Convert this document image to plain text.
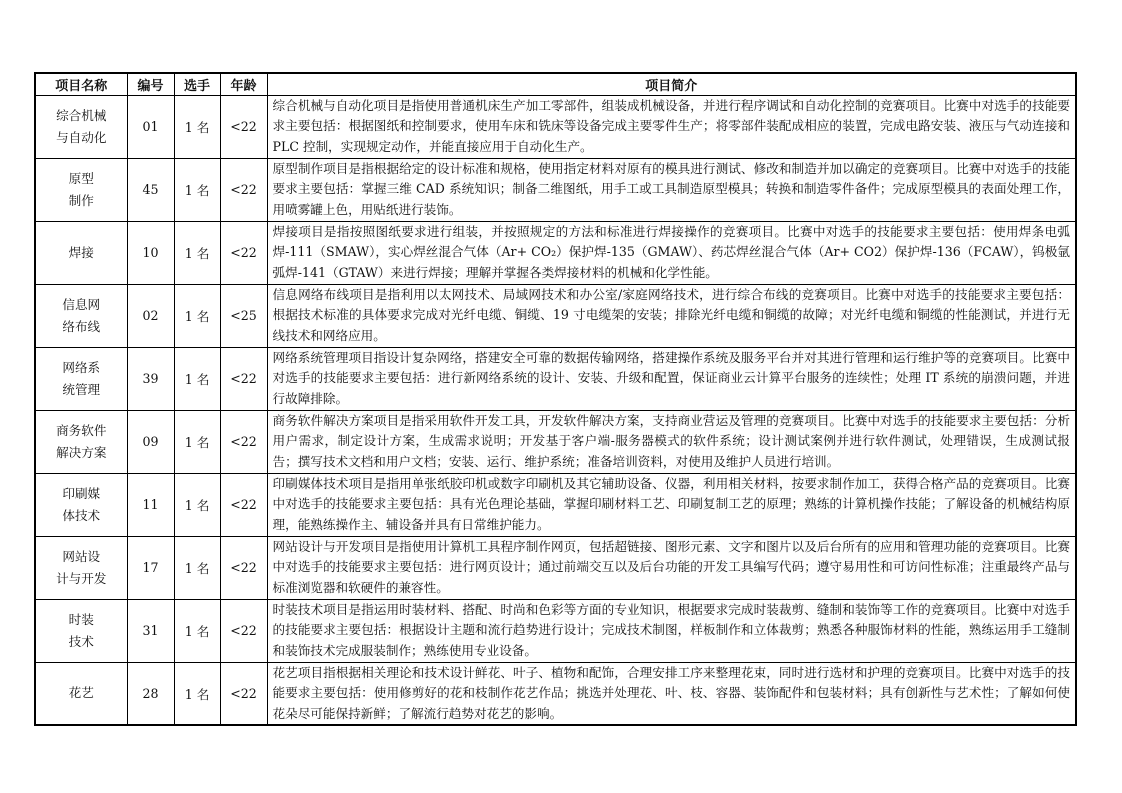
项目名称	编号	选手	年龄	项目简介
综合机械
与自动化	01	1 名	<22	综合机械与自动化项目是指使用普通机床生产加工零部件，组装成机械设备，并进行程序调试和自动化控制的竞赛项目。比赛中对选手的技能要求主要包括：根据图纸和控制要求，使用车床和铣床等设备完成主要零件生产；将零部件装配成相应的装置，完成电路安装、液压与气动连接和 PLC 控制，实现规定动作，并能直接应用于自动化生产。
原型
制作	45	1 名	<22	原型制作项目是指根据给定的设计标准和规格，使用指定材料对原有的模具进行测试、修改和制造并加以确定的竞赛项目。比赛中对选手的技能要求主要包括：掌握三维 CAD 系统知识；制备二维图纸，用手工或工具制造原型模具；转换和制造零件备件；完成原型模具的表面处理工作，用喷雾罐上色，用贴纸进行装饰。
焊接	10	1 名	<22	焊接项目是指按照图纸要求进行组装，并按照规定的方法和标准进行焊接操作的竞赛项目。比赛中对选手的技能要求主要包括：使用焊条电弧焊-111（SMAW），实心焊丝混合气体（Ar+ CO₂）保护焊-135（GMAW）、药芯焊丝混合气体（Ar+ CO2）保护焊-136（FCAW），钨极氩弧焊-141（GTAW）来进行焊接；理解并掌握各类焊接材料的机械和化学性能。
信息网
络布线	02	1 名	<25	信息网络布线项目是指利用以太网技术、局域网技术和办公室/家庭网络技术，进行综合布线的竞赛项目。比赛中对选手的技能要求主要包括：根据技术标准的具体要求完成对光纤电缆、铜缆、19 寸电缆架的安装；排除光纤电缆和铜缆的故障；对光纤电缆和铜缆的性能测试，并进行无线技术和网络应用。
网络系
统管理	39	1 名	<22	网络系统管理项目指设计复杂网络，搭建安全可靠的数据传输网络，搭建操作系统及服务平台并对其进行管理和运行维护等的竞赛项目。比赛中对选手的技能要求主要包括：进行新网络系统的设计、安装、升级和配置，保证商业云计算平台服务的连续性；处理 IT 系统的崩溃问题，并进行故障排除。
商务软件
解决方案	09	1 名	<22	商务软件解决方案项目是指采用软件开发工具，开发软件解决方案，支持商业营运及管理的竞赛项目。比赛中对选手的技能要求主要包括：分析用户需求，制定设计方案，生成需求说明；开发基于客户端-服务器模式的软件系统；设计测试案例并进行软件测试，处理错误，生成测试报告；撰写技术文档和用户文档；安装、运行、维护系统；准备培训资料，对使用及维护人员进行培训。
印刷媒
体技术	11	1 名	<22	印刷媒体技术项目是指用单张纸胶印机或数字印刷机及其它辅助设备、仪器，利用相关材料，按要求制作加工，获得合格产品的竞赛项目。比赛中对选手的技能要求主要包括：具有光色理论基础，掌握印刷材料工艺、印刷复制工艺的原理；熟练的计算机操作技能；了解设备的机械结构原理，能熟练操作主、辅设备并具有日常维护能力。
网站设
计与开发	17	1 名	<22	网站设计与开发项目是指使用计算机工具程序制作网页，包括超链接、图形元素、文字和图片以及后台所有的应用和管理功能的竞赛项目。比赛中对选手的技能要求主要包括：进行网页设计；通过前端交互以及后台功能的开发工具编写代码；遵守易用性和可访问性标准；注重最终产品与标准浏览器和软硬件的兼容性。
时装
技术	31	1 名	<22	时装技术项目是指运用时装材料、搭配、时尚和色彩等方面的专业知识，根据要求完成时装裁剪、缝制和装饰等工作的竞赛项目。比赛中对选手的技能要求主要包括：根据设计主题和流行趋势进行设计；完成技术制图，样板制作和立体裁剪；熟悉各种服饰材料的性能，熟练运用手工缝制和装饰技术完成服装制作；熟练使用专业设备。
花艺	28	1 名	<22	花艺项目指根据相关理论和技术设计鲜花、叶子、植物和配饰，合理安排工序来整理花束，同时进行选材和护理的竞赛项目。比赛中对选手的技能要求主要包括：使用修剪好的花和枝制作花艺作品；挑选并处理花、叶、枝、容器、装饰配件和包装材料；具有创新性与艺术性；了解如何使花朵尽可能保持新鲜；了解流行趋势对花艺的影响。
